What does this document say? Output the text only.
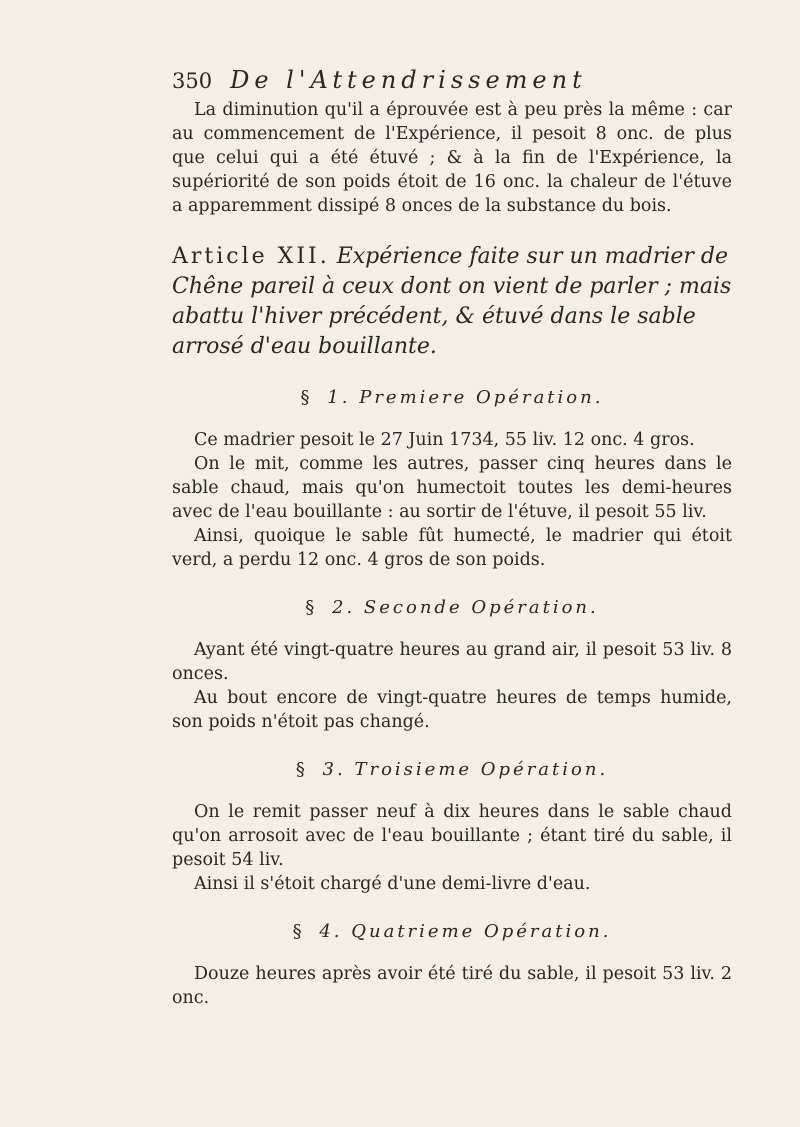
350 De l'Attendrissement

La diminution qu'il a éprouvée est à peu près la même : car au commencement de l'Expérience, il pesoit 8 onc. de plus que celui qui a été étuvé ; & à la fin de l'Expérience, la supériorité de son poids étoit de 16 onc. la chaleur de l'étuve a apparemment dissipé 8 onces de la substance du bois.

Article XII. Expérience faite sur un madrier de Chêne pareil à ceux dont on vient de parler ; mais abattu l'hiver précédent, & étuvé dans le sable arrosé d'eau bouillante.

§ 1. Premiere Opération.

Ce madrier pesoit le 27 Juin 1734, 55 liv. 12 onc. 4 gros.

On le mit, comme les autres, passer cinq heures dans le sable chaud, mais qu'on humectoit toutes les demi-heures avec de l'eau bouillante : au sortir de l'étuve, il pesoit 55 liv.

Ainsi, quoique le sable fût humecté, le madrier qui étoit verd, a perdu 12 onc. 4 gros de son poids.

§ 2. Seconde Opération.

Ayant été vingt-quatre heures au grand air, il pesoit 53 liv. 8 onces.

Au bout encore de vingt-quatre heures de temps humide, son poids n'étoit pas changé.

§ 3. Troisieme Opération.

On le remit passer neuf à dix heures dans le sable chaud qu'on arrosoit avec de l'eau bouillante ; étant tiré du sable, il pesoit 54 liv.

Ainsi il s'étoit chargé d'une demi-livre d'eau.

§ 4. Quatrieme Opération.

Douze heures après avoir été tiré du sable, il pesoit 53 liv. 2 onc.
